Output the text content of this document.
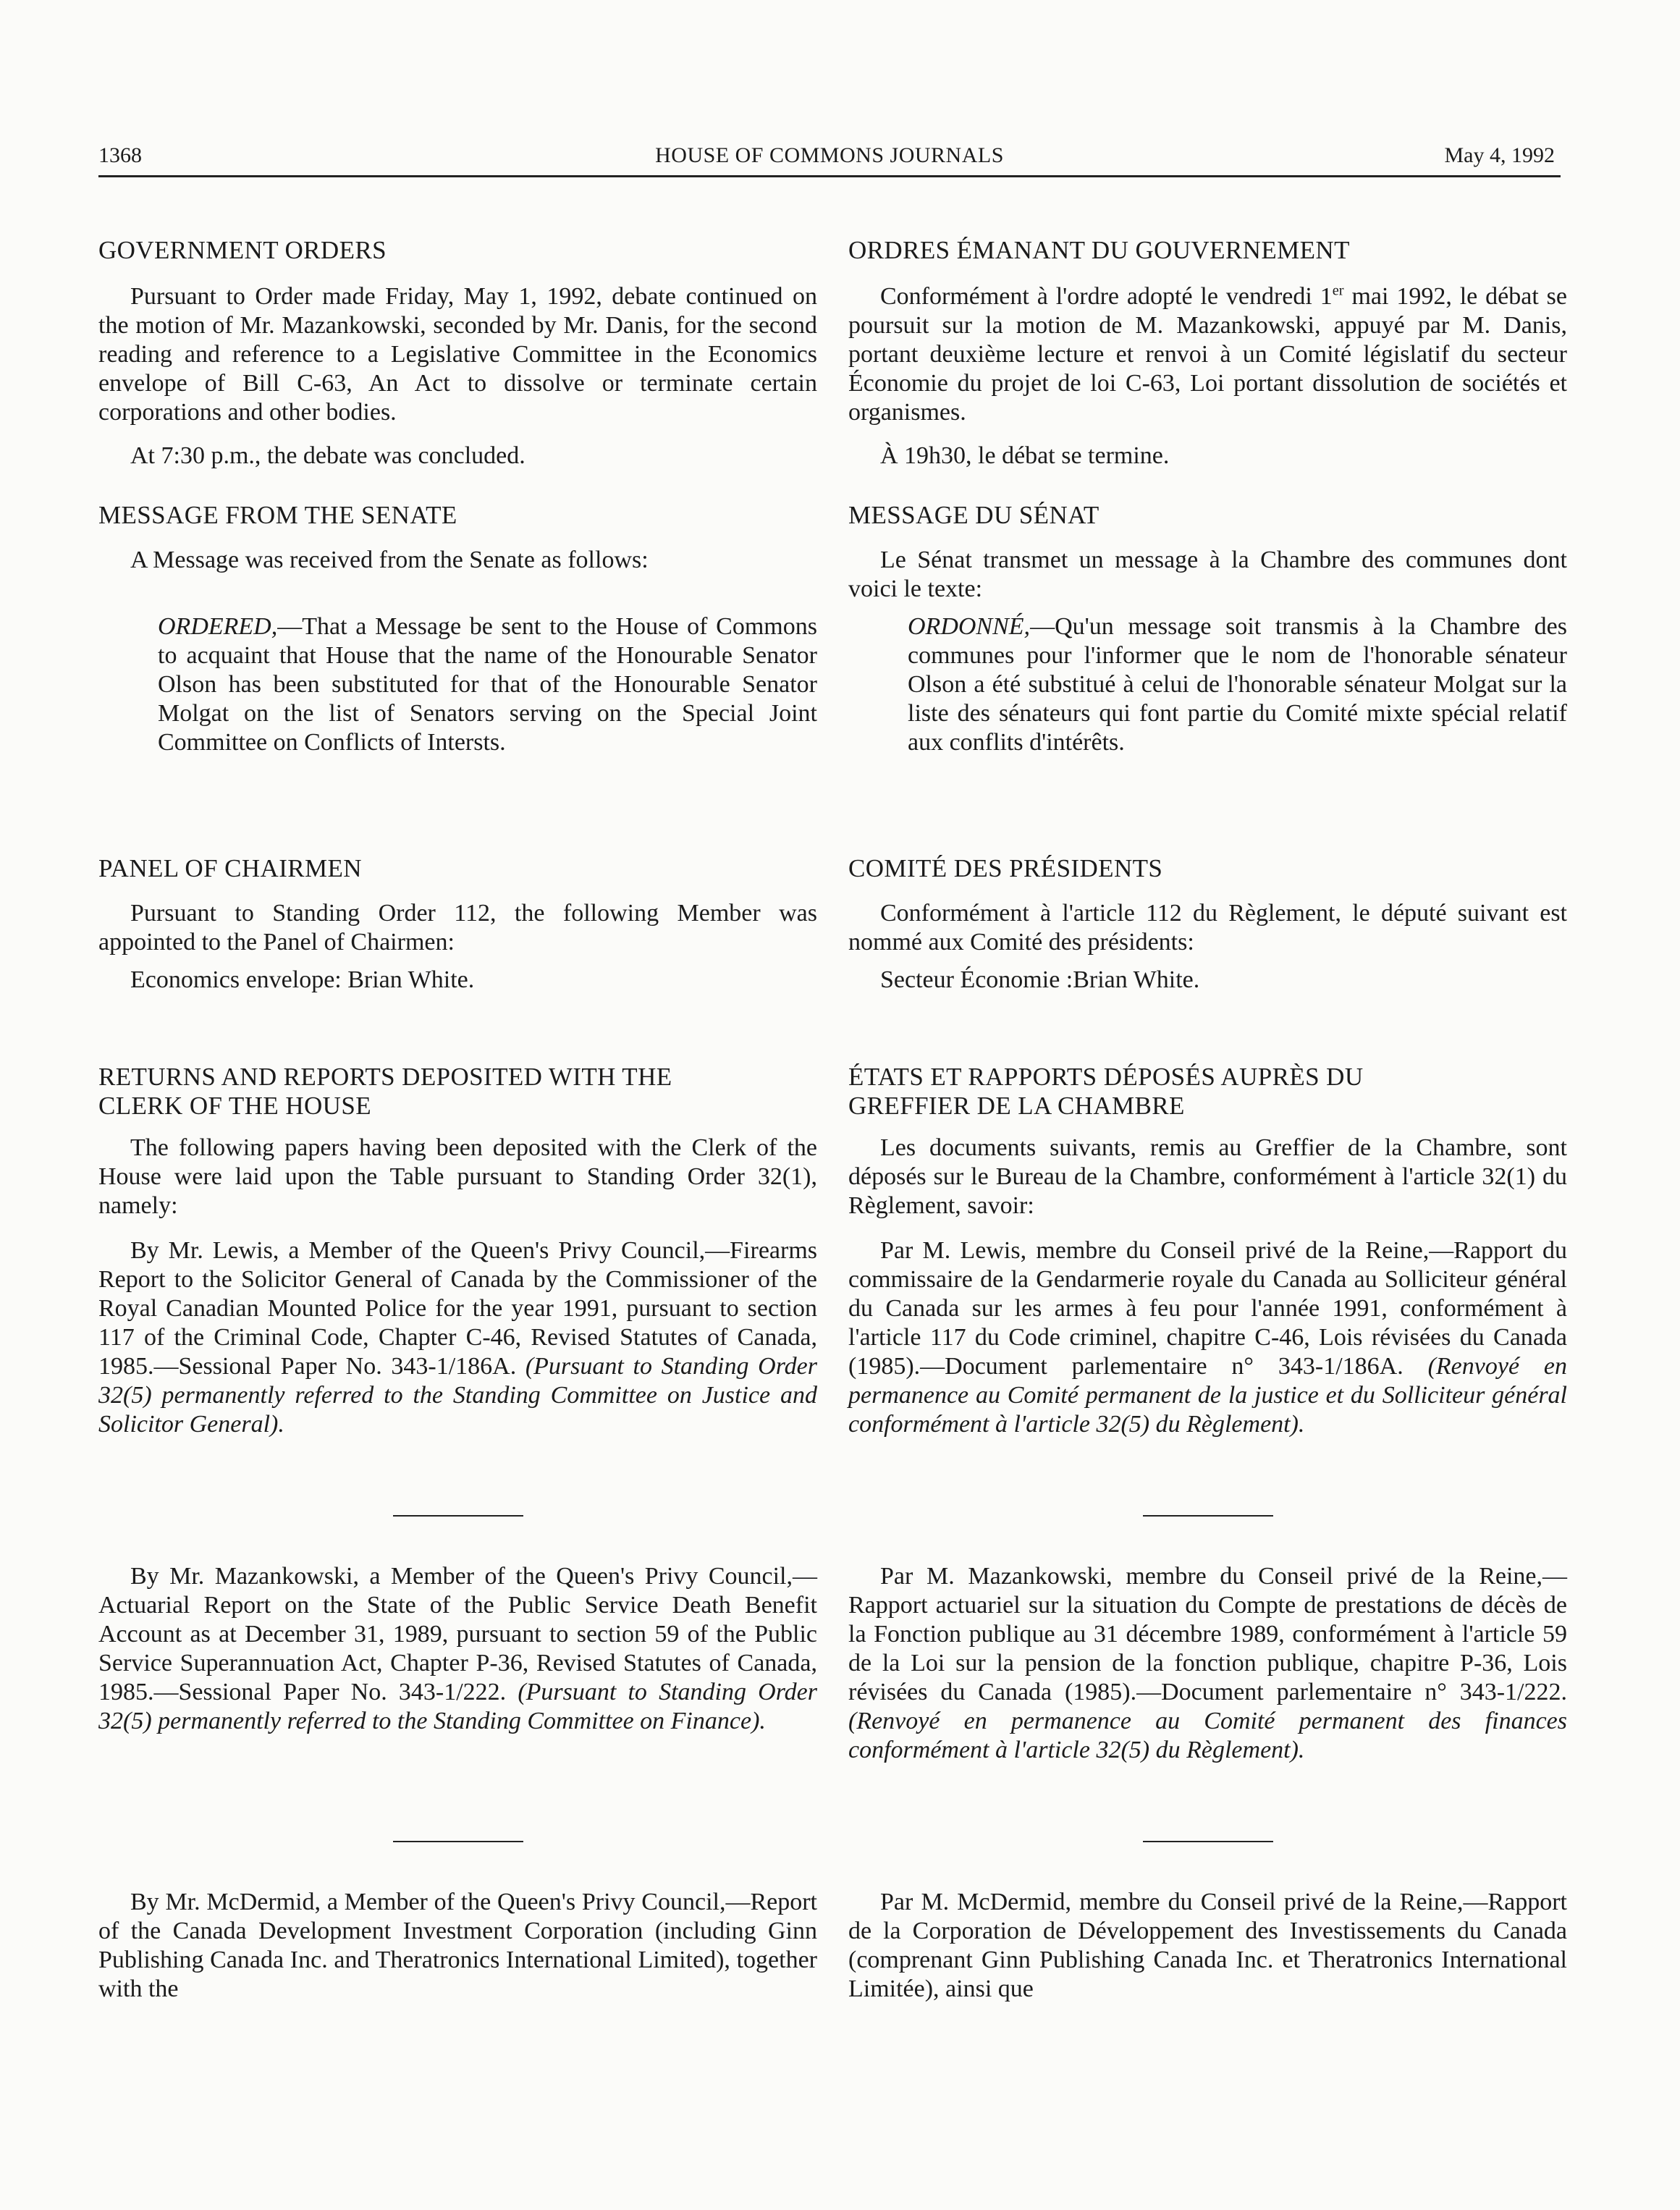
1368	HOUSE OF COMMONS JOURNALS	May 4, 1992
GOVERNMENT ORDERS

Pursuant to Order made Friday, May 1, 1992, debate continued on the motion of Mr. Mazankowski, seconded by Mr. Danis, for the second reading and reference to a Legislative Committee in the Economics envelope of Bill C-63, An Act to dissolve or terminate certain corporations and other bodies.

At 7:30 p.m., the debate was concluded.

MESSAGE FROM THE SENATE

A Message was received from the Senate as follows:

ORDERED,—That a Message be sent to the House of Commons to acquaint that House that the name of the Honourable Senator Olson has been substituted for that of the Honourable Senator Molgat on the list of Senators serving on the Special Joint Committee on Conflicts of Intersts.

PANEL OF CHAIRMEN

Pursuant to Standing Order 112, the following Member was appointed to the Panel of Chairmen:

Economics envelope: Brian White.

RETURNS AND REPORTS DEPOSITED WITH THE
CLERK OF THE HOUSE

The following papers having been deposited with the Clerk of the House were laid upon the Table pursuant to Standing Order 32(1), namely:

By Mr. Lewis, a Member of the Queen's Privy Council,—Firearms Report to the Solicitor General of Canada by the Commissioner of the Royal Canadian Mounted Police for the year 1991, pursuant to section 117 of the Criminal Code, Chapter C-46, Revised Statutes of Canada, 1985.—Sessional Paper No. 343-1/186A. (Pursuant to Standing Order 32(5) permanently referred to the Standing Committee on Justice and Solicitor General).

By Mr. Mazankowski, a Member of the Queen's Privy Council,—Actuarial Report on the State of the Public Service Death Benefit Account as at December 31, 1989, pursuant to section 59 of the Public Service Superannuation Act, Chapter P-36, Revised Statutes of Canada, 1985.—Sessional Paper No. 343-1/222. (Pursuant to Standing Order 32(5) permanently referred to the Standing Committee on Finance).

By Mr. McDermid, a Member of the Queen's Privy Council,—Report of the Canada Development Investment Corporation (including Ginn Publishing Canada Inc. and Theratronics International Limited), together with the

ORDRES ÉMANANT DU GOUVERNEMENT

Conformément à l'ordre adopté le vendredi 1er mai 1992, le débat se poursuit sur la motion de M. Mazankowski, appuyé par M. Danis, portant deuxième lecture et renvoi à un Comité législatif du secteur Économie du projet de loi C-63, Loi portant dissolution de sociétés et organismes.

À 19h30, le débat se termine.

MESSAGE DU SÉNAT

Le Sénat transmet un message à la Chambre des communes dont voici le texte:

ORDONNÉ,—Qu'un message soit transmis à la Chambre des communes pour l'informer que le nom de l'honorable sénateur Olson a été substitué à celui de l'honorable sénateur Molgat sur la liste des sénateurs qui font partie du Comité mixte spécial relatif aux conflits d'intérêts.

COMITÉ DES PRÉSIDENTS

Conformément à l'article 112 du Règlement, le député suivant est nommé aux Comité des présidents:

Secteur Économie :Brian White.

ÉTATS ET RAPPORTS DÉPOSÉS AUPRÈS DU
GREFFIER DE LA CHAMBRE

Les documents suivants, remis au Greffier de la Chambre, sont déposés sur le Bureau de la Chambre, conformément à l'article 32(1) du Règlement, savoir:

Par M. Lewis, membre du Conseil privé de la Reine,—Rapport du commissaire de la Gendarmerie royale du Canada au Solliciteur général du Canada sur les armes à feu pour l'année 1991, conformément à l'article 117 du Code criminel, chapitre C-46, Lois révisées du Canada (1985).—Document parlementaire n° 343-1/186A. (Renvoyé en permanence au Comité permanent de la justice et du Solliciteur général conformément à l'article 32(5) du Règlement).

Par M. Mazankowski, membre du Conseil privé de la Reine,—Rapport actuariel sur la situation du Compte de prestations de décès de la Fonction publique au 31 décembre 1989, conformément à l'article 59 de la Loi sur la pension de la fonction publique, chapitre P-36, Lois révisées du Canada (1985).—Document parlementaire n° 343-1/222. (Renvoyé en permanence au Comité permanent des finances conformément à l'article 32(5) du Règlement).

Par M. McDermid, membre du Conseil privé de la Reine,—Rapport de la Corporation de Développement des Investissements du Canada (comprenant Ginn Publishing Canada Inc. et Theratronics International Limitée), ainsi que
